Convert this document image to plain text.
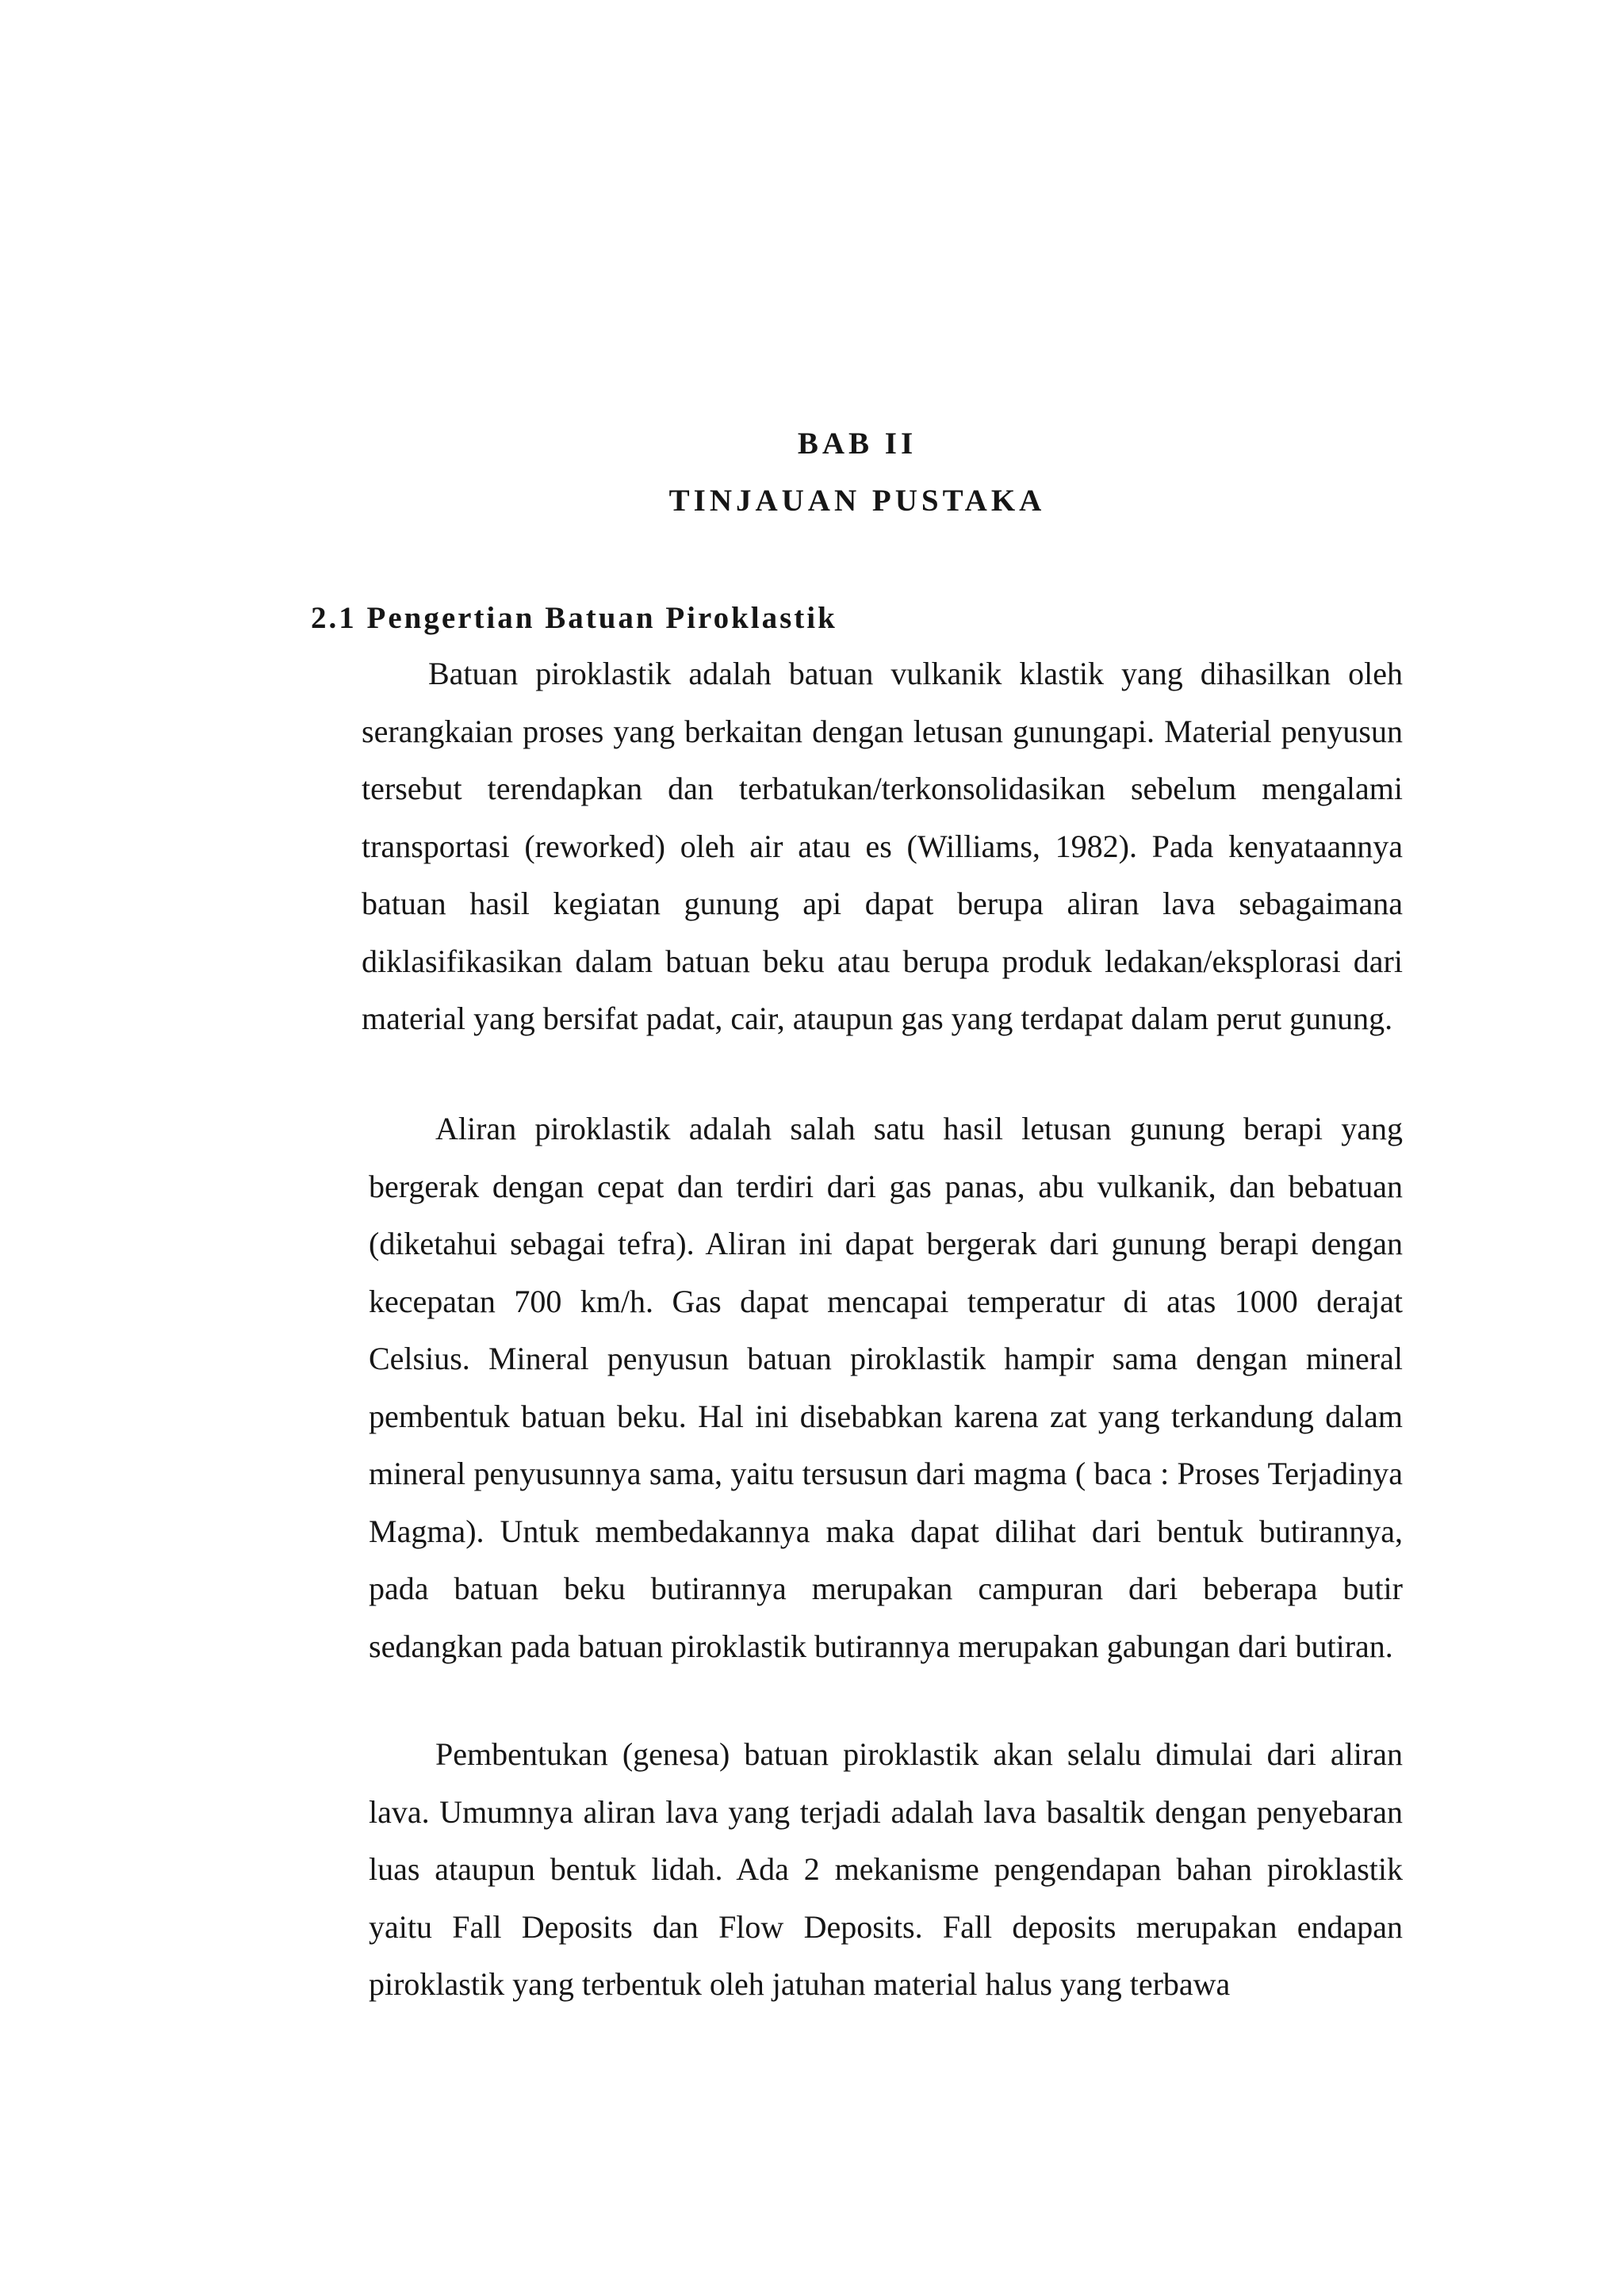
BAB II
TINJAUAN PUSTAKA
2.1 Pengertian Batuan Piroklastik

Batuan piroklastik adalah batuan vulkanik klastik yang dihasilkan oleh serangkaian proses yang berkaitan dengan letusan gunungapi. Material penyusun tersebut terendapkan dan terbatukan/terkonsolidasikan sebelum mengalami transportasi (reworked) oleh air atau es (Williams, 1982). Pada kenyataannya batuan hasil kegiatan gunung api dapat berupa aliran lava sebagaimana diklasifikasikan dalam batuan beku atau berupa produk ledakan/eksplorasi dari material yang bersifat padat, cair, ataupun gas yang terdapat dalam perut gunung.

Aliran piroklastik adalah salah satu hasil letusan gunung berapi yang bergerak dengan cepat dan terdiri dari gas panas, abu vulkanik, dan bebatuan (diketahui sebagai tefra). Aliran ini dapat bergerak dari gunung berapi dengan kecepatan 700 km/h. Gas dapat mencapai temperatur di atas 1000 derajat Celsius. Mineral penyusun batuan piroklastik hampir sama dengan mineral pembentuk batuan beku. Hal ini disebabkan karena zat yang terkandung dalam mineral penyusunnya sama, yaitu tersusun dari magma ( baca : Proses Terjadinya Magma). Untuk membedakannya maka dapat dilihat dari bentuk butirannya, pada batuan beku butirannya merupakan campuran dari beberapa butir sedangkan pada batuan piroklastik butirannya merupakan gabungan dari butiran.

Pembentukan (genesa) batuan piroklastik akan selalu dimulai dari aliran lava. Umumnya aliran lava yang terjadi adalah lava basaltik dengan penyebaran luas ataupun bentuk lidah. Ada 2 mekanisme pengendapan bahan piroklastik yaitu Fall Deposits dan Flow Deposits. Fall deposits merupakan endapan piroklastik yang terbentuk oleh jatuhan material halus yang terbawa
